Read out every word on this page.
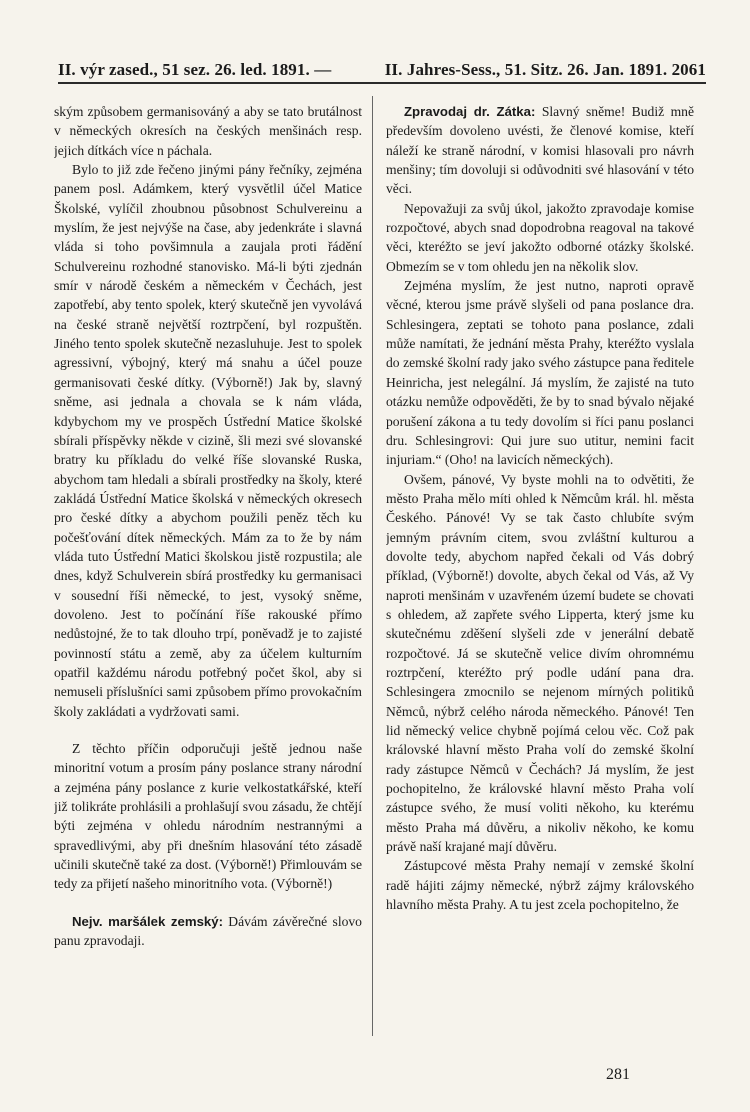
II. výr zased., 51 sez. 26. led. 1891. —	II. Jahres-Sess., 51. Sitz. 26. Jan. 1891. 2061

ským způsobem germanisováný a aby se tato brutálnost v německých okresích na českých menšinách resp. jejich dítkách více n páchala.

Bylo to již zde řečeno jinými pány řečníky, zejména panem posl. Adámkem, který vysvětlil účel Matice Školské, vylíčil zhoubnou působnost Schulvereinu a myslím, že jest nejvýše na čase, aby jedenkráte i slavná vláda si toho povšimnula a zaujala proti řádění Schulvereinu rozhodné stanovisko. Má-li býti zjednán smír v národě českém a německém v Čechách, jest zapotřebí, aby tento spolek, který skutečně jen vyvolává na české straně největší roztrpčení, byl rozpuštěn. Jiného tento spolek skutečně nezasluhuje. Jest to spolek agressivní, výbojný, který má snahu a účel pouze germanisovati české dítky. (Výborně!) Jak by, slavný sněme, asi jednala a chovala se k nám vláda, kdybychom my ve prospěch Ústřední Matice školské sbírali příspěvky někde v cizině, šli mezi své slovanské bratry ku příkladu do velké říše slovanské Ruska, abychom tam hledali a sbírali prostředky na školy, které zakládá Ústřední Matice školská v německých okresech pro české dítky a abychom použili peněz těch ku počešťování dítek německých. Mám za to že by nám vláda tuto Ústřední Matici školskou jistě rozpustila; ale dnes, když Schulverein sbírá prostředky ku germanisaci v sousední říši německé, to jest, vysoký sněme, dovoleno. Jest to počínání říše rakouské přímo nedůstojné, že to tak dlouho trpí, poněvadž je to zajisté povinností státu a země, aby za účelem kulturním opatřil každému národu potřebný počet škol, aby si nemuseli příslušníci sami způsobem přímo provokačním školy zakládati a vydržovati sami.

Z těchto příčin odporučuji ještě jednou naše minoritní votum a prosím pány poslance strany národní a zejména pány poslance z kurie velkostatkářské, kteří již tolikráte prohlásili a prohlašují svou zásadu, že chtějí býti zejména v ohledu národním nestrannými a spravedlivými, aby při dnešním hlasování této zásadě učinili skutečně také za dost. (Výborně!) Přimlouvám se tedy za přijetí našeho minoritního vota. (Výborně!)

Nejv. maršálek zemský: Dávám závěrečné slovo panu zpravodaji.

Zpravodaj dr. Zátka: Slavný sněme! Budiž mně především dovoleno uvésti, že členové komise, kteří náleží ke straně národní, v komisi hlasovali pro návrh menšiny; tím dovoluji si odůvodniti své hlasování v této věci.

Nepovažuji za svůj úkol, jakožto zpravodaje komise rozpočtové, abych snad dopodrobna reagoval na takové věci, kteréžto se jeví jakožto odborné otázky školské. Obmezím se v tom ohledu jen na několik slov.

Zejména myslím, že jest nutno, naproti opravě věcné, kterou jsme právě slyšeli od pana poslance dra. Schlesingera, zeptati se tohoto pana poslance, zdali může namítati, že jednání města Prahy, kteréžto vyslala do zemské školní rady jako svého zástupce pana ředitele Heinricha, jest nelegální. Já myslím, že zajisté na tuto otázku nemůže odpověděti, že by to snad bývalo nějaké porušení zákona a tu tedy dovolím si říci panu poslanci dru. Schlesingrovi: Qui jure suo utitur, nemini facit injuriam.“ (Oho! na lavicích německých).

Ovšem, pánové, Vy byste mohli na to odvětiti, že město Praha mělo míti ohled k Němcům král. hl. města Českého. Pánové! Vy se tak často chlubíte svým jemným právním citem, svou zvláštní kulturou a dovolte tedy, abychom napřed čekali od Vás dobrý příklad, (Výborně!) dovolte, abych čekal od Vás, až Vy naproti menšinám v uzavřeném území budete se chovati s ohledem, až zapřete svého Lipperta, který jsme ku skutečnému zděšení slyšeli zde v jenerální debatě rozpočtové. Já se skutečně velice divím ohromnému roztrpčení, kteréžto prý podle udání pana dra. Schlesingera zmocnilo se nejenom mírných politiků Němců, nýbrž celého národa německého. Pánové! Ten lid německý velice chybně pojímá celou věc. Což pak královské hlavní město Praha volí do zemské školní rady zástupce Němců v Čechách? Já myslím, že jest pochopitelno, že královské hlavní město Praha volí zástupce svého, že musí voliti někoho, ku kterému město Praha má důvěru, a nikoliv někoho, ke komu právě naší krajané mají důvěru.

Zástupcové města Prahy nemají v zemské školní radě hájiti zájmy německé, nýbrž zájmy královského hlavního města Prahy. A tu jest zcela pochopitelno, že

281
